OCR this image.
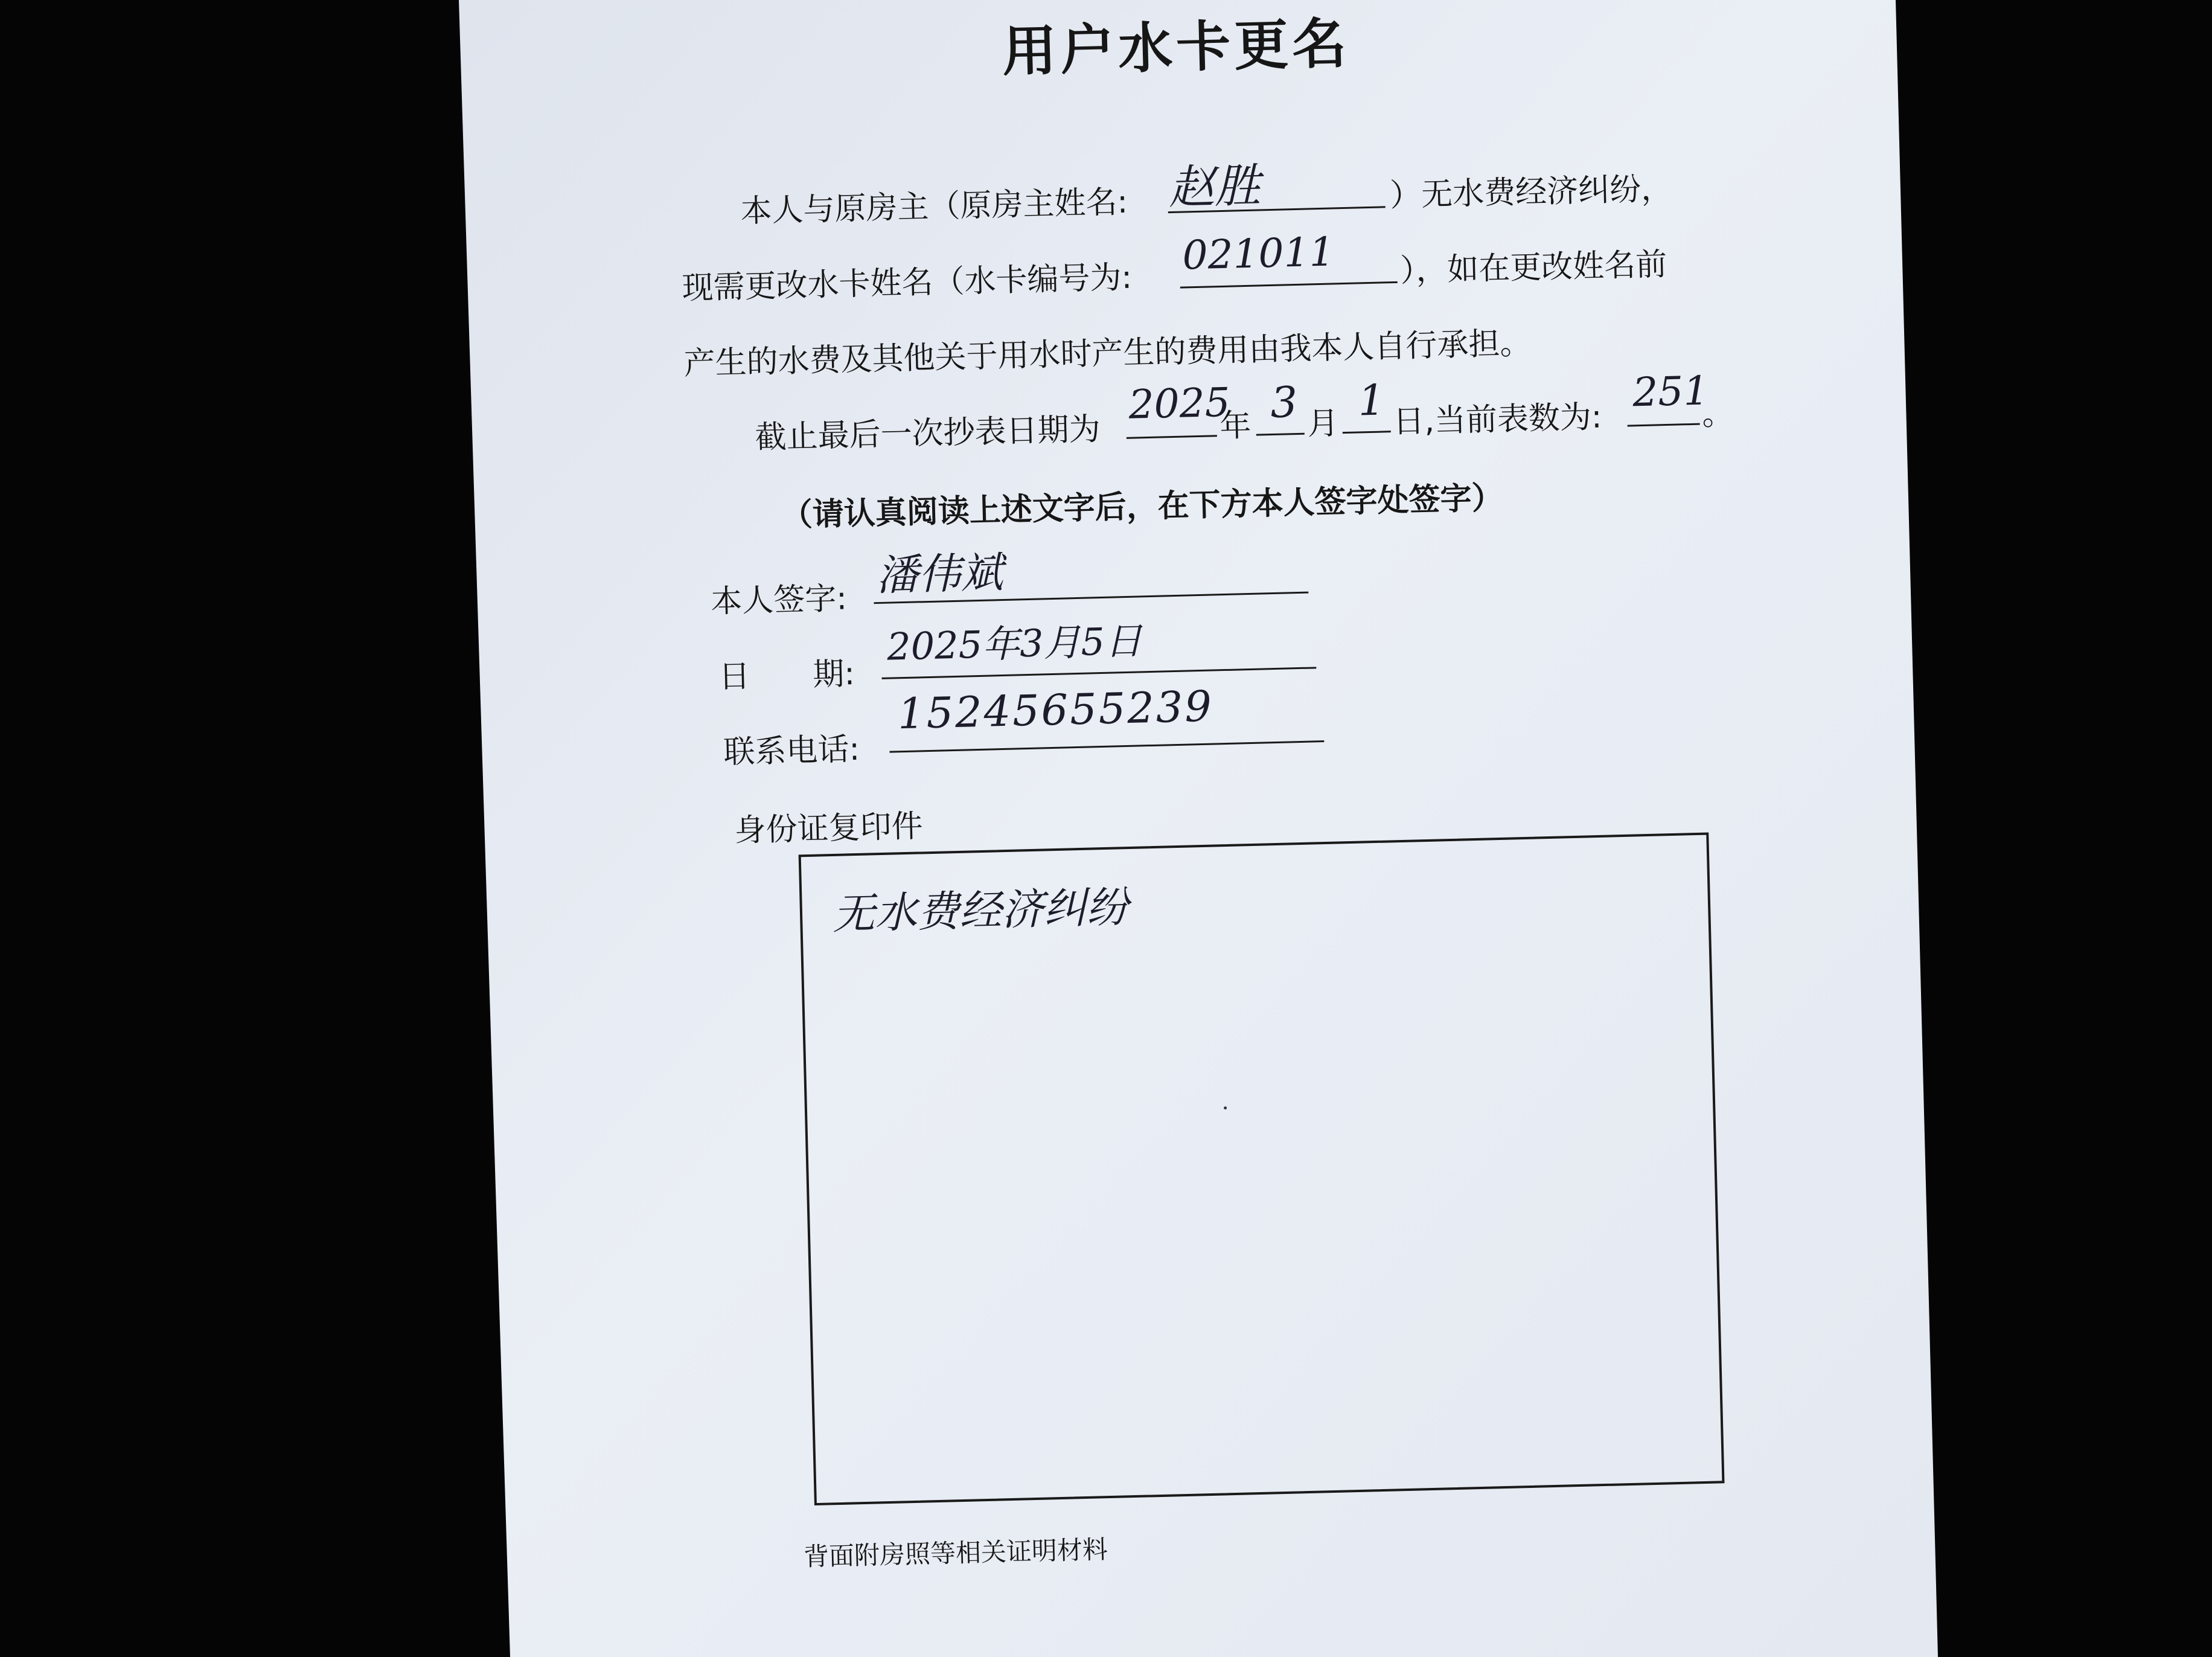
用户水卡更名
本人与原房主（原房主姓名: 赵胜	）无水费经济纠纷，
现需更改水卡姓名（水卡编号为:
021011 ），如在更改姓名前
产生的水费及其他关于用水时产生的费用由我本人自行承担。
截止最后一次抄表日期为
2025
年 3 月 1 日,当前表数为:
251
。
（请认真阅读上述文字后，在下方本人签字处签字）
本人签字: 潘伟斌
日　　期:
2025年3月5日
联系电话:
15245655239
身份证复印件
无水费经济纠纷
背面附房照等相关证明材料
